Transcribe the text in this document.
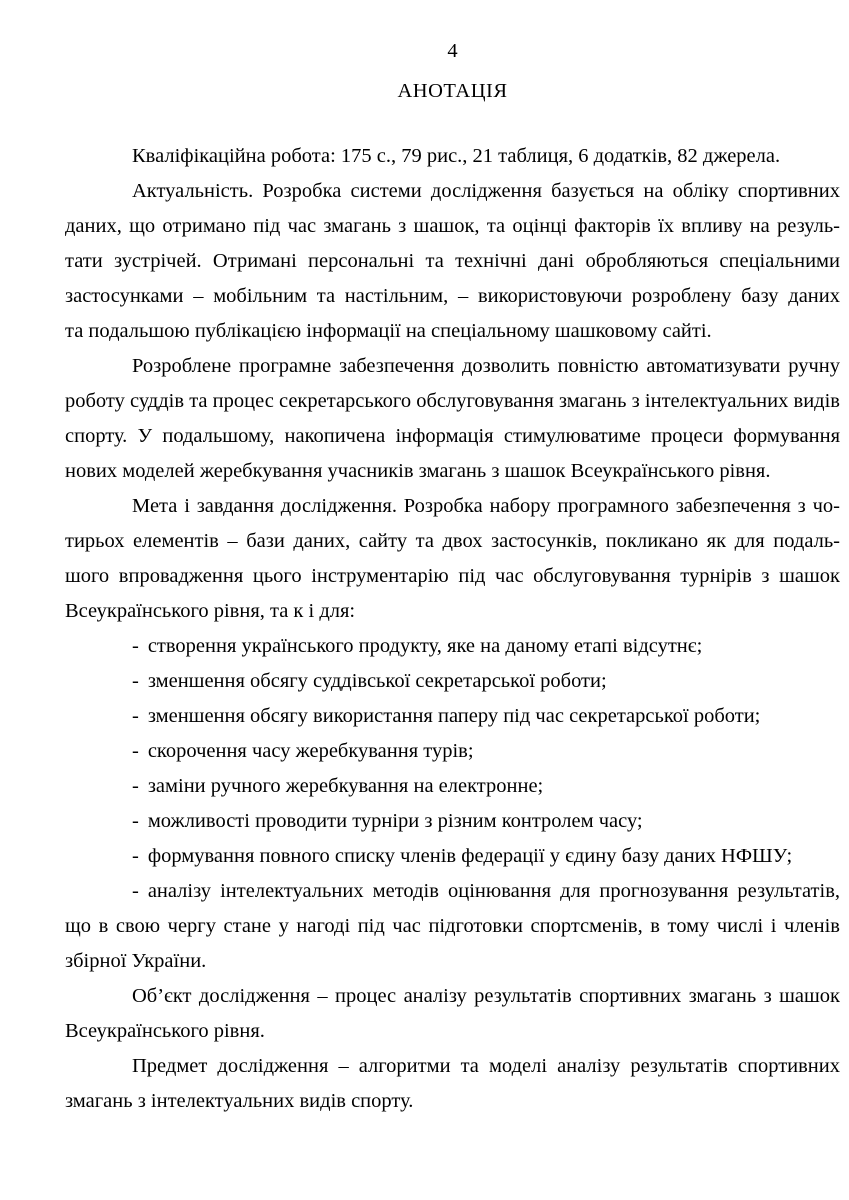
4
АНОТАЦІЯ
Кваліфікаційна робота: 175 с., 79 рис., 21 таблиця, 6 додатків, 82 джерела.
Актуальність. Розробка системи дослідження базується на обліку спортивних
даних, що отримано під час змагань з шашок, та оцінці факторів їх впливу на резуль-
тати зустрічей. Отримані персональні та технічні дані обробляються спеціальними
застосунками – мобільним та настільним, – використовуючи розроблену базу даних
та подальшою публікацією інформації на спеціальному шашковому сайті.
Розроблене програмне забезпечення дозволить повністю автоматизувати ручну
роботу суддів та процес секретарського обслуговування змагань з інтелектуальних видів
спорту. У подальшому, накопичена інформація стимулюватиме процеси формування
нових моделей жеребкування учасників змагань з шашок Всеукраїнського рівня.
Мета і завдання дослідження. Розробка набору програмного забезпечення з чо-
тирьох елементів – бази даних, сайту та двох застосунків, покликано як для подаль-
шого впровадження цього інструментарію під час обслуговування турнірів з шашок
Всеукраїнського рівня, та к і для:
- створення українського продукту, яке на даному етапі відсутнє;
- зменшення обсягу суддівської секретарської роботи;
- зменшення обсягу використання паперу під час секретарської роботи;
- скорочення часу жеребкування турів;
- заміни ручного жеребкування на електронне;
- можливості проводити турніри з різним контролем часу;
- формування повного списку членів федерації у єдину базу даних НФШУ;
- аналізу інтелектуальних методів оцінювання для прогнозування результатів,
що в свою чергу стане у нагоді під час підготовки спортсменів, в тому числі і членів
збірної України.
Об’єкт дослідження – процес аналізу результатів спортивних змагань з шашок
Всеукраїнського рівня.
Предмет дослідження – алгоритми та моделі аналізу результатів спортивних
змагань з інтелектуальних видів спорту.
